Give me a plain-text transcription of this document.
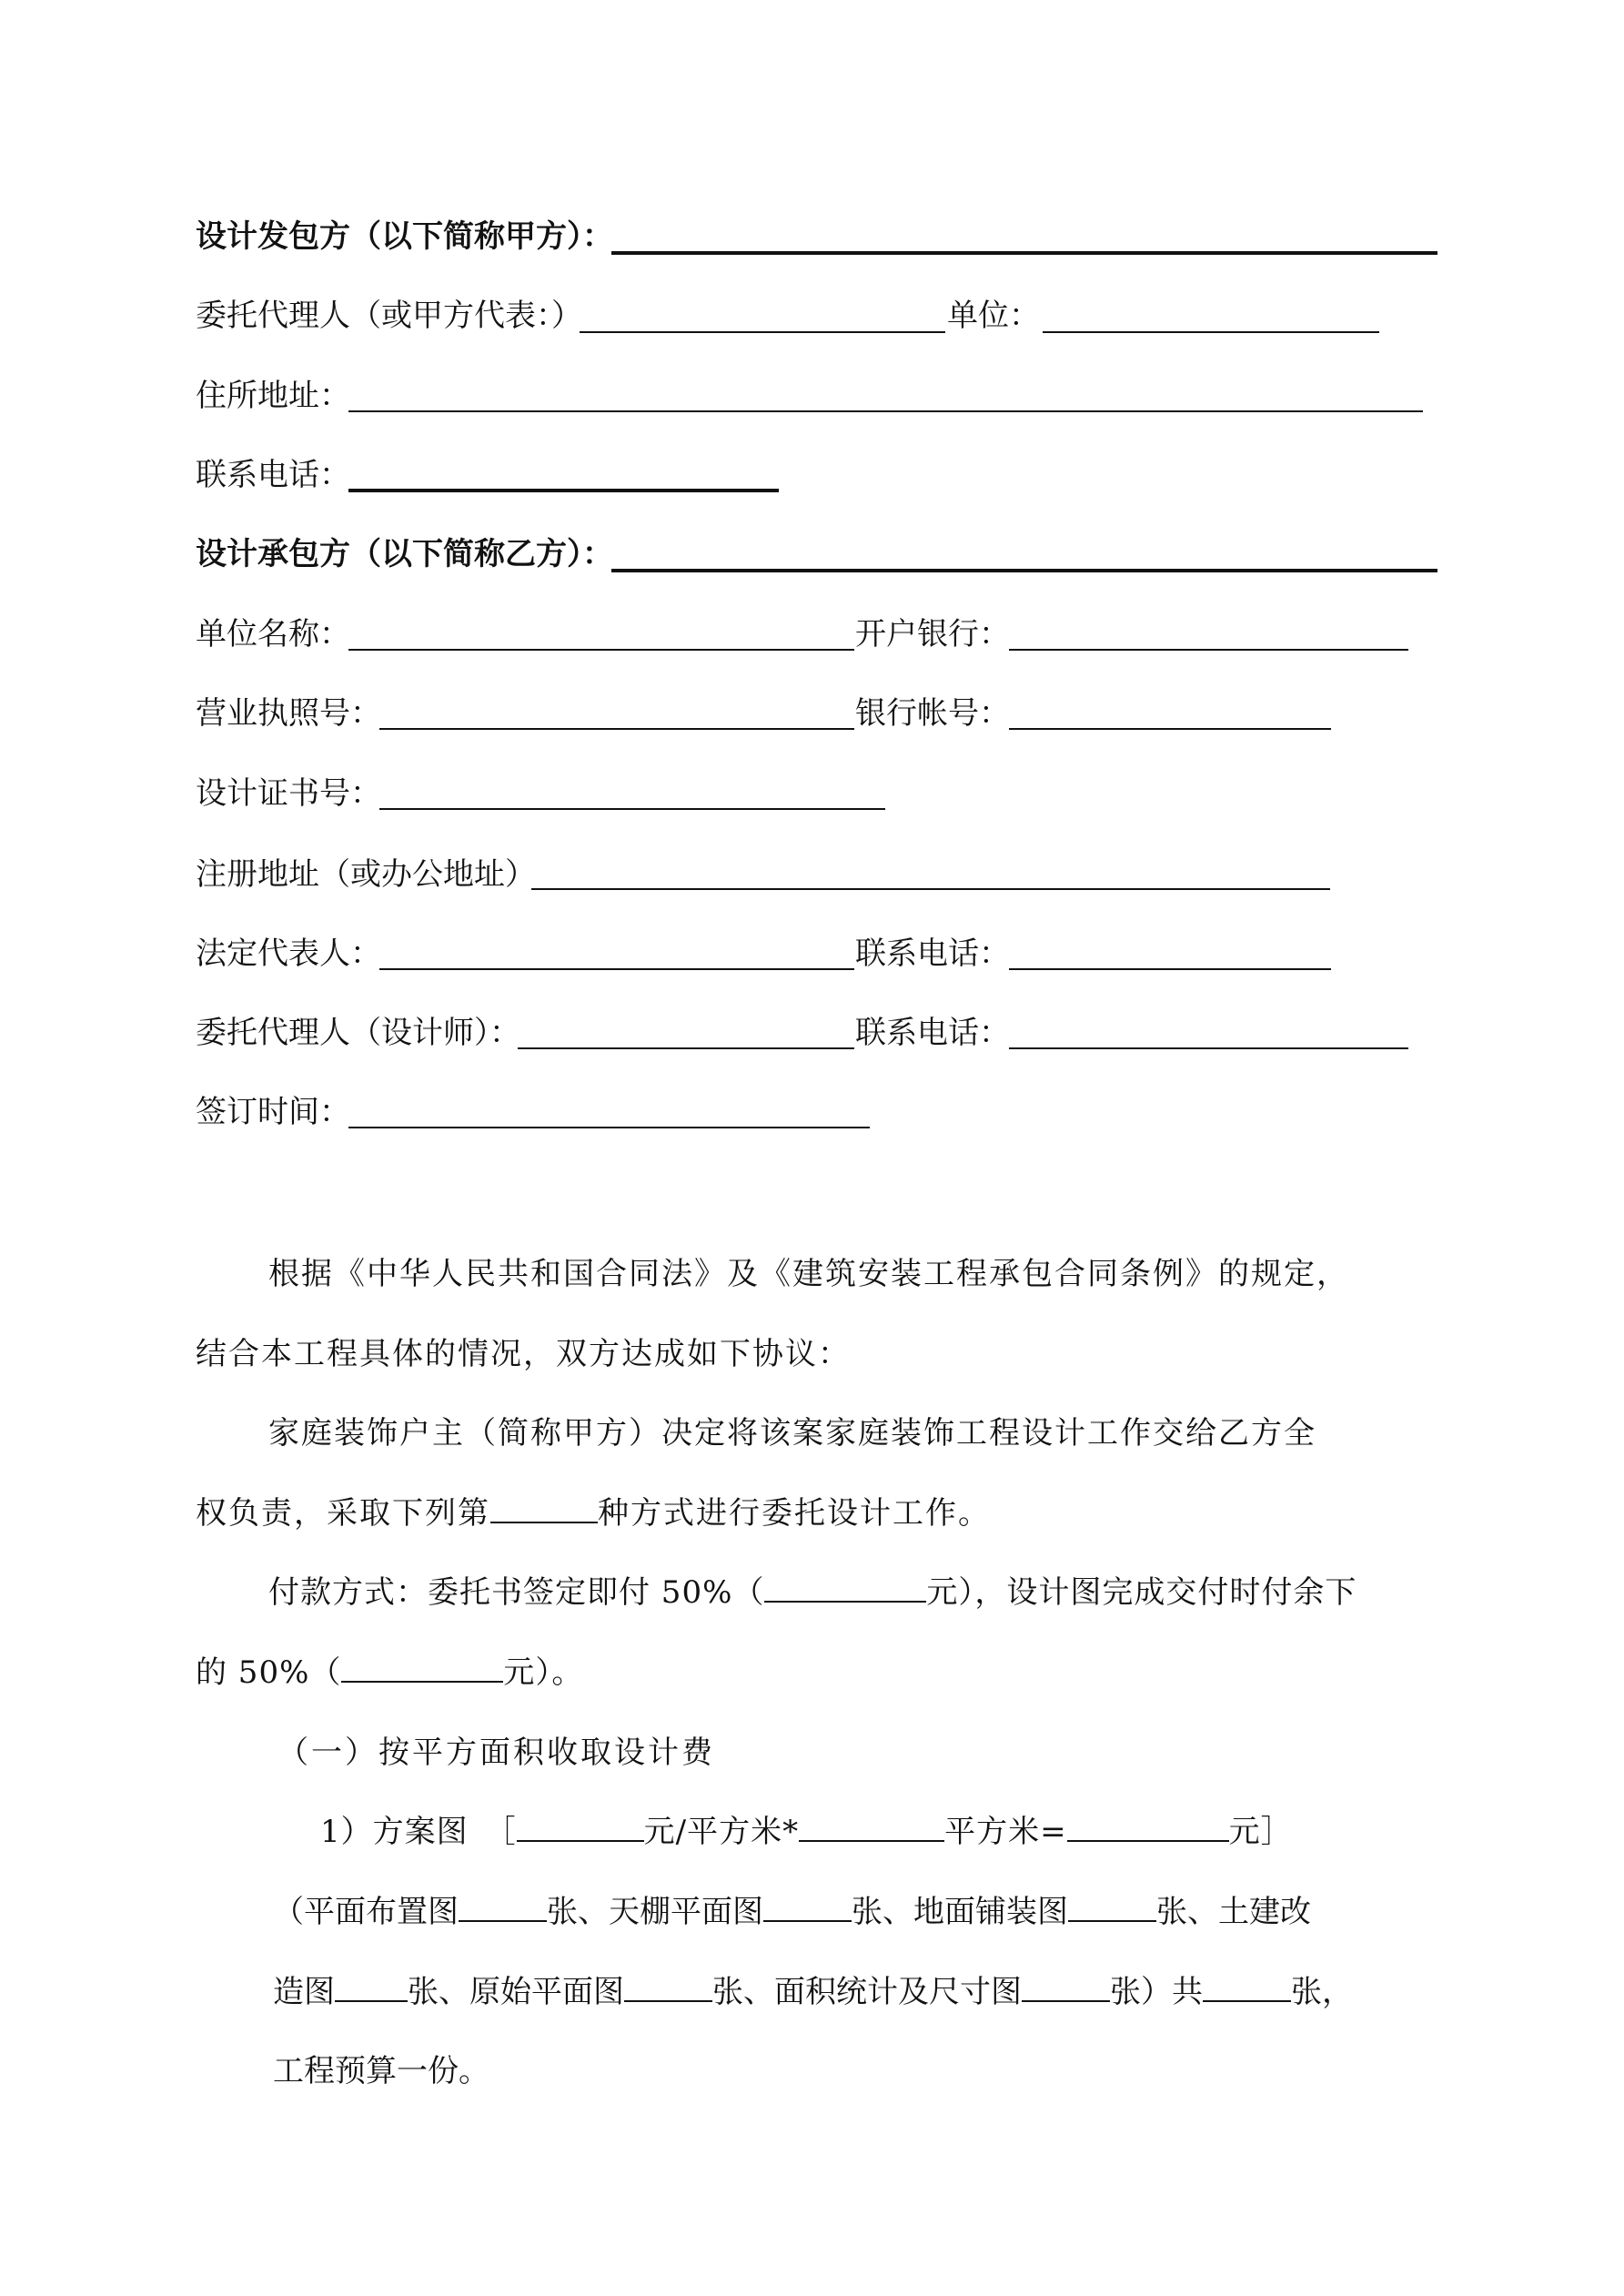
设计发包方（以下简称甲方）：
委托代理人（或甲方代表：）	单位：
住所地址：
联系电话：
设计承包方（以下简称乙方）：
单位名称：	开户银行：
营业执照号：	银行帐号：
设计证书号：
注册地址（或办公地址）
法定代表人：	联系电话：
委托代理人（设计师）：	联系电话：
签订时间：
根据《中华人民共和国合同法》及《建筑安装工程承包合同条例》的规定，
结合本工程具体的情况，双方达成如下协议：
家庭装饰户主（简称甲方）决定将该案家庭装饰工程设计工作交给乙方全
权负责，采取下列第	种方式进行委托设计工作。
付款方式：委托书签定即付 50%（	元），设计图完成交付时付余下
的 50%（	元）。
（一）按平方面积收取设计费
1）方案图　［	元/平方米*	平方米=	元］
（平面布置图	张、天棚平面图	张、地面铺装图	张、土建改
造图 张、原始平面图	张、面积统计及尺寸图	张）共	张，
工程预算一份。
